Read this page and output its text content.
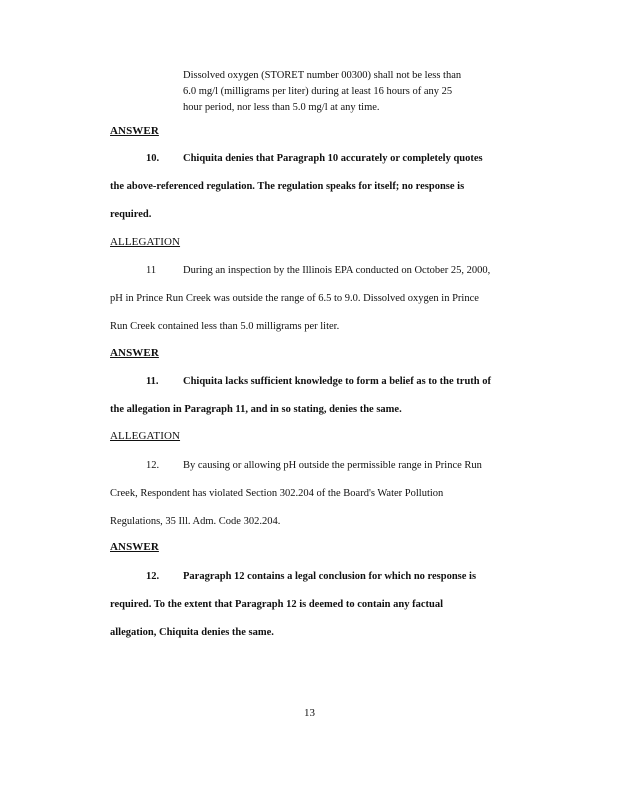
Dissolved oxygen (STORET number 00300) shall not be less than
6.0 mg/l (milligrams per liter) during at least 16 hours of any 25
hour period, nor less than 5.0 mg/l at any time.
ANSWER
10. Chiquita denies that Paragraph 10 accurately or completely quotes
the above-referenced regulation. The regulation speaks for itself; no response is
required.
ALLEGATION
11	During an inspection by the Illinois EPA conducted on October 25, 2000,
pH in Prince Run Creek was outside the range of 6.5 to 9.0. Dissolved oxygen in Prince
Run Creek contained less than 5.0 milligrams per liter.
ANSWER
11. Chiquita lacks sufficient knowledge to form a belief as to the truth of
the allegation in Paragraph 11, and in so stating, denies the same.
ALLEGATION
12. By causing or allowing pH outside the permissible range in Prince Run
Creek, Respondent has violated Section 302.204 of the Board's Water Pollution
Regulations, 35 Ill. Adm. Code 302.204.
ANSWER
12. Paragraph 12 contains a legal conclusion for which no response is
required. To the extent that Paragraph 12 is deemed to contain any factual
allegation, Chiquita denies the same.
13
